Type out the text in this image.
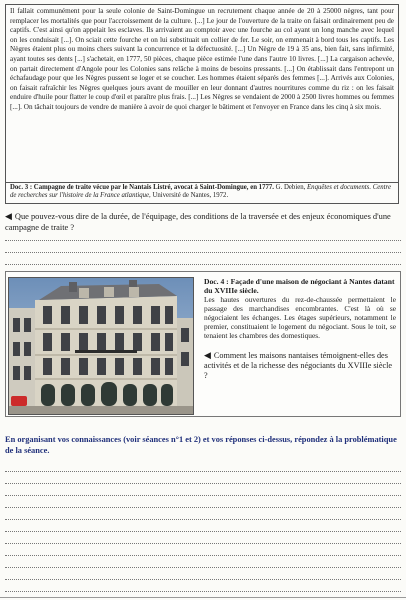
Il fallait communément pour la seule colonie de Saint-Domingue un recrutement chaque année de 20 à 25000 nègres, tant pour remplacer les mortalités que pour l'accroissement de la culture. [...] Le jour de l'ouverture de la traite on faisait ordinairement peu de captifs. C'est ainsi qu'on appelait les esclaves. Ils arrivaient au comptoir avec une fourche au col ayant un long manche avec lequel on les conduisait [...]. On sciait cette fourche et on lui substituait un collier de fer. Le soir, on emmenait à bord tous les captifs. Les Nègres étaient plus ou moins chers suivant la concurrence et la défectuosité. [...] Un Nègre de 19 à 35 ans, bien fait, sans infirmité, ayant toutes ses dents [...] s'achetait, en 1777, 50 pièces, chaque pièce estimée l'une dans l'autre 10 livres. [...] La cargaison achevée, on partait directement d'Angole pour les Colonies sans relâche à moins de besoins pressants. [...] On établissait dans l'entrepont un échafaudage pour que les Nègres pussent se loger et se coucher. Les hommes étaient séparés des femmes [...]. Arrivés aux Colonies, on faisait rafraîchir les Nègres quelques jours avant de mouiller en leur donnant d'autres nourritures comme du riz : on les faisait enduire d'huile pour flatter le coup d'œil et paraître plus frais. [...] Les Nègres se vendaient de 2000 à 2500 livres hommes ou femmes [...]. On tâchait toujours de vendre de manière à avoir de quoi charger le bâtiment et l'envoyer en France dans les cinq à six mois.
Doc. 3 : Campagne de traite vécue par le Nantais Listré, avocat à Saint-Domingue, en 1777. G. Debien, Enquêtes et documents. Centre de recherches sur l'histoire de la France atlantique, Université de Nantes, 1972.
◀ Que pouvez-vous dire de la durée, de l'équipage, des conditions de la traversée et des enjeux économiques d'une campagne de traite ?
Doc. 4 : Façade d'une maison de négociant à Nantes datant du XVIIIe siècle.
Les hautes ouvertures du rez-de-chaussée permettaient le passage des marchandises encombrantes. C'est là où se négociaient les échanges. Les étages supérieurs, notamment le premier, constituaient le logement du négociant. Sous le toit, se tenaient les chambres des domestiques.
◀ Comment les maisons nantaises témoignent-elles des activités et de la richesse des négociants du XVIIIe siècle ?
En organisant vos connaissances (voir séances n°1 et 2) et vos réponses ci-dessus, répondez à la problématique de la séance.
